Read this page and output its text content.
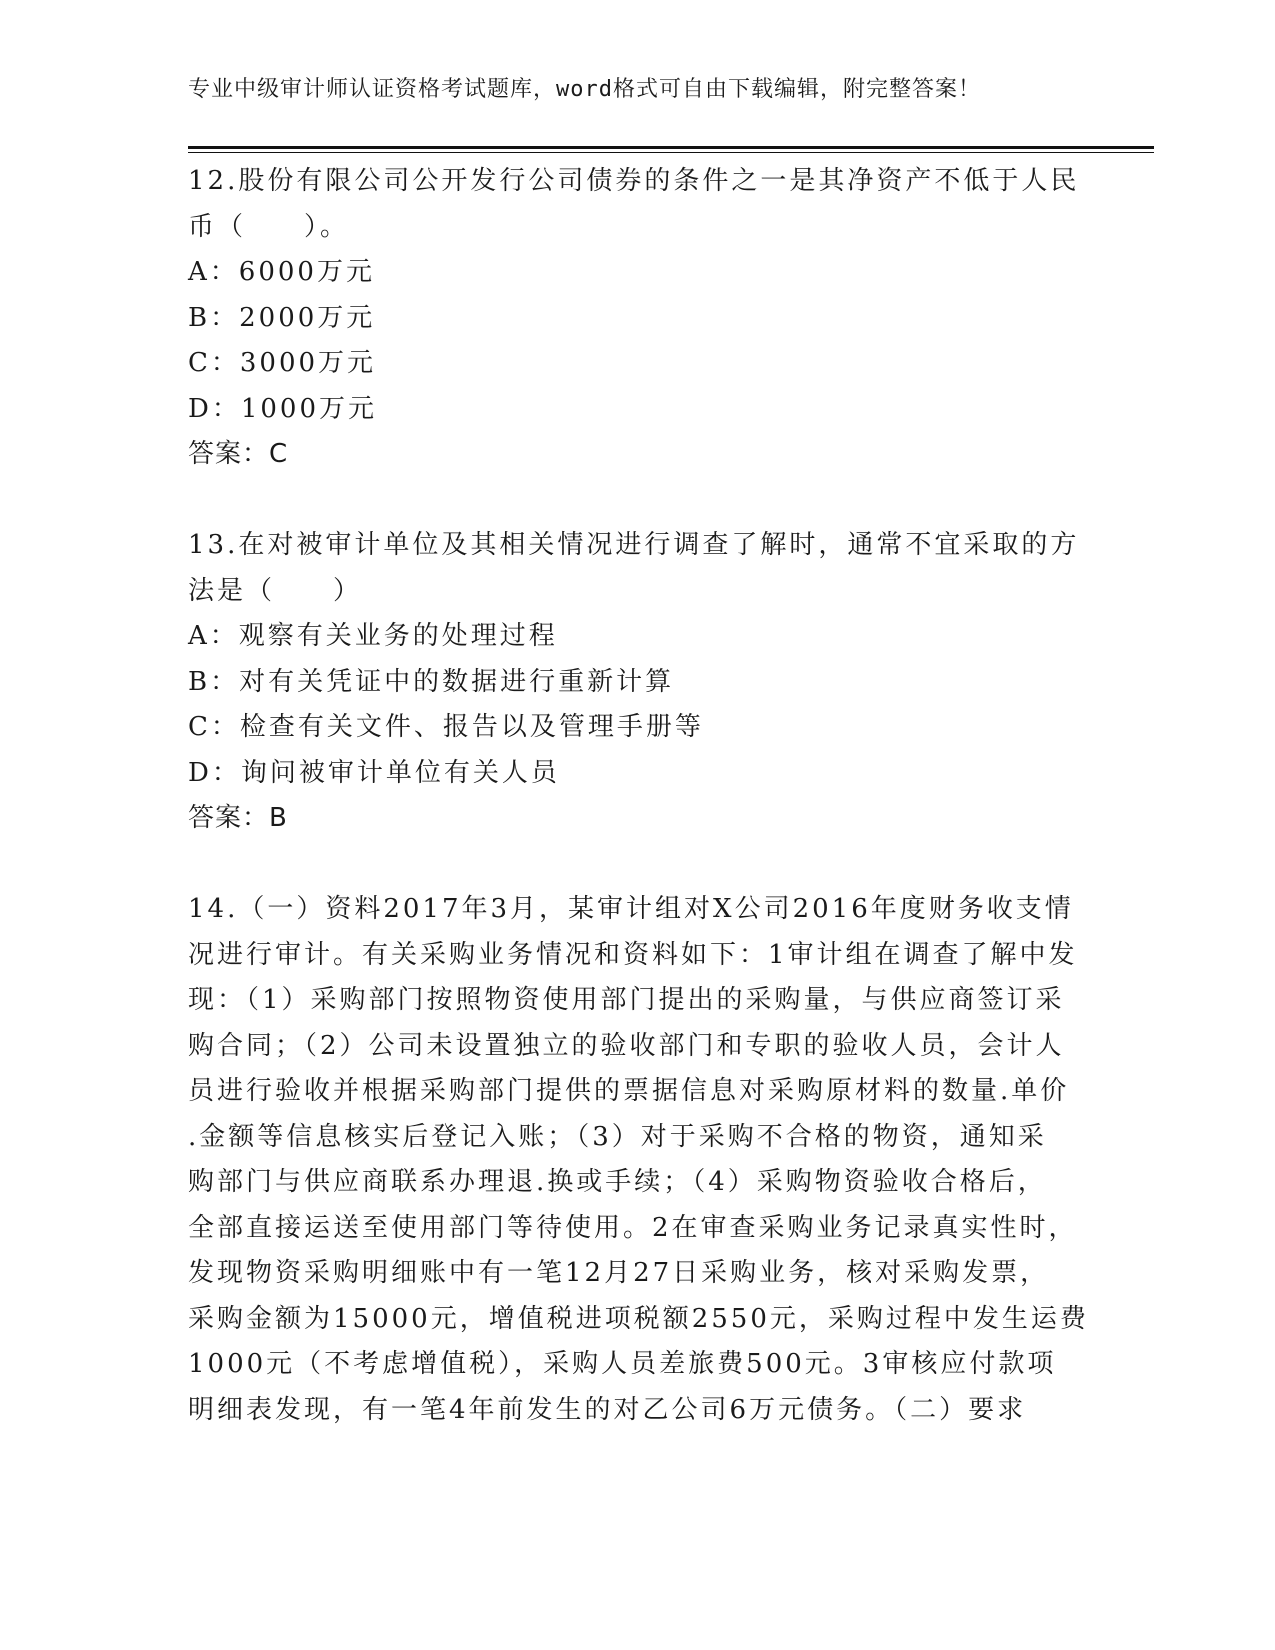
专业中级审计师认证资格考试题库，word格式可自由下载编辑，附完整答案！
12.股份有限公司公开发行公司债券的条件之一是其净资产不低于人民
币（　　）。
A：6000万元
B：2000万元
C：3000万元
D：1000万元
答案：C
13.在对被审计单位及其相关情况进行调查了解时，通常不宜采取的方
法是（　　）
A：观察有关业务的处理过程
B：对有关凭证中的数据进行重新计算
C：检查有关文件、报告以及管理手册等
D：询问被审计单位有关人员
答案：B
14.（一）资料2017年3月，某审计组对X公司2016年度财务收支情
况进行审计。有关采购业务情况和资料如下：1审计组在调查了解中发
现：（1）采购部门按照物资使用部门提出的采购量，与供应商签订采
购合同；（2）公司未设置独立的验收部门和专职的验收人员，会计人
员进行验收并根据采购部门提供的票据信息对采购原材料的数量.单价
.金额等信息核实后登记入账；（3）对于采购不合格的物资，通知采
购部门与供应商联系办理退.换或手续；（4）采购物资验收合格后，
全部直接运送至使用部门等待使用。2在审查采购业务记录真实性时，
发现物资采购明细账中有一笔12月27日采购业务，核对采购发票，
采购金额为15000元，增值税进项税额2550元，采购过程中发生运费
1000元（不考虑增值税），采购人员差旅费500元。3审核应付款项
明细表发现，有一笔4年前发生的对乙公司6万元债务。（二）要求
